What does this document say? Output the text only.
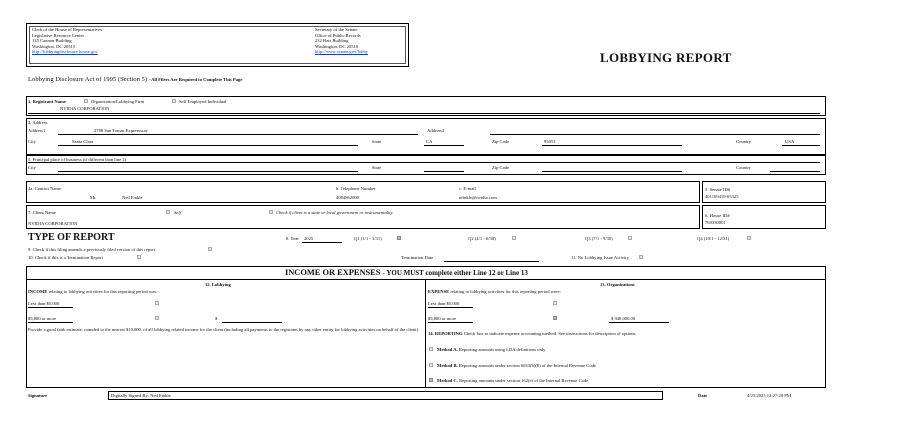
Clerk of the House of Representatives
Legislative Resource Center
135 Cannon Building
Washington, DC 20515
http://lobbyingdisclosure.house.gov
Secretary of the Senate
Office of Public Records
232 Hart Building
Washington, DC 20510
http://www.senate.gov/lobby	LOBBYING REPORT
Lobbying Disclosure Act of 1995 (Section 5) - All Filers Are Required to Complete This Page
1. Registrant Name	Organization/Lobbying Firm	Self Employed Individual
NVIDIA CORPORATION
2. Address
Address1	2788 San Tomas Expressway	Address2
City	Santa Clara	State	CA	Zip Code	95051	Country	USA
3. Principal place of business (if different than line 2)
City	State	Zip Code	Country
4a. Contact Name
Mr.	Ned Finkle
b. Telephone Number
4084862000
c. E-mail
nfinkle@nvidia.com
5. Senate ID#
401109419-65325
7. Client Name	Self	Check if client is a state or local government or instrumentality
NVIDIA CORPORATION
6. House ID#
769330001
TYPE OF REPORT	8. Year 2025	Q1 (1/1 - 3/31)	Q2 (4/1 - 6/30)	Q3 (7/1 - 9/30)	Q4 (10/1 - 12/31)
9. Check if this filing amends a previously filed version of this report
10. Check if this is a Termination Report	Termination Date	11. No Lobbying Issue Activity
INCOME OR EXPENSES - YOU MUST complete either Line 12 or Line 13
12. Lobbying
INCOME relating to lobbying activities for this reporting period was:
Less than $5,000
$5,000 or more	$
Provide a good faith estimate, rounded to the nearest $10,000, of all lobbying related income for the client (including all payments to the registrant by any other entity for lobbying activities on behalf of the client).
13. Organizations
EXPENSE relating to lobbying activities for this reporting period were:
Less than $5,000
$5,000 or more	$ 940,000.00
14. REPORTING Check box to indicate expense accounting method. See instructions for description of options.
Method A. Reporting amounts using LDA definitions only
Method B. Reporting amounts under section 6033(b)(8) of the Internal Revenue Code
Method C. Reporting amounts under section 162(e) of the Internal Revenue Code
Signature	Digitally Signed By: Ned Finkle	Date	4/25/2025 12:27:20 PM
